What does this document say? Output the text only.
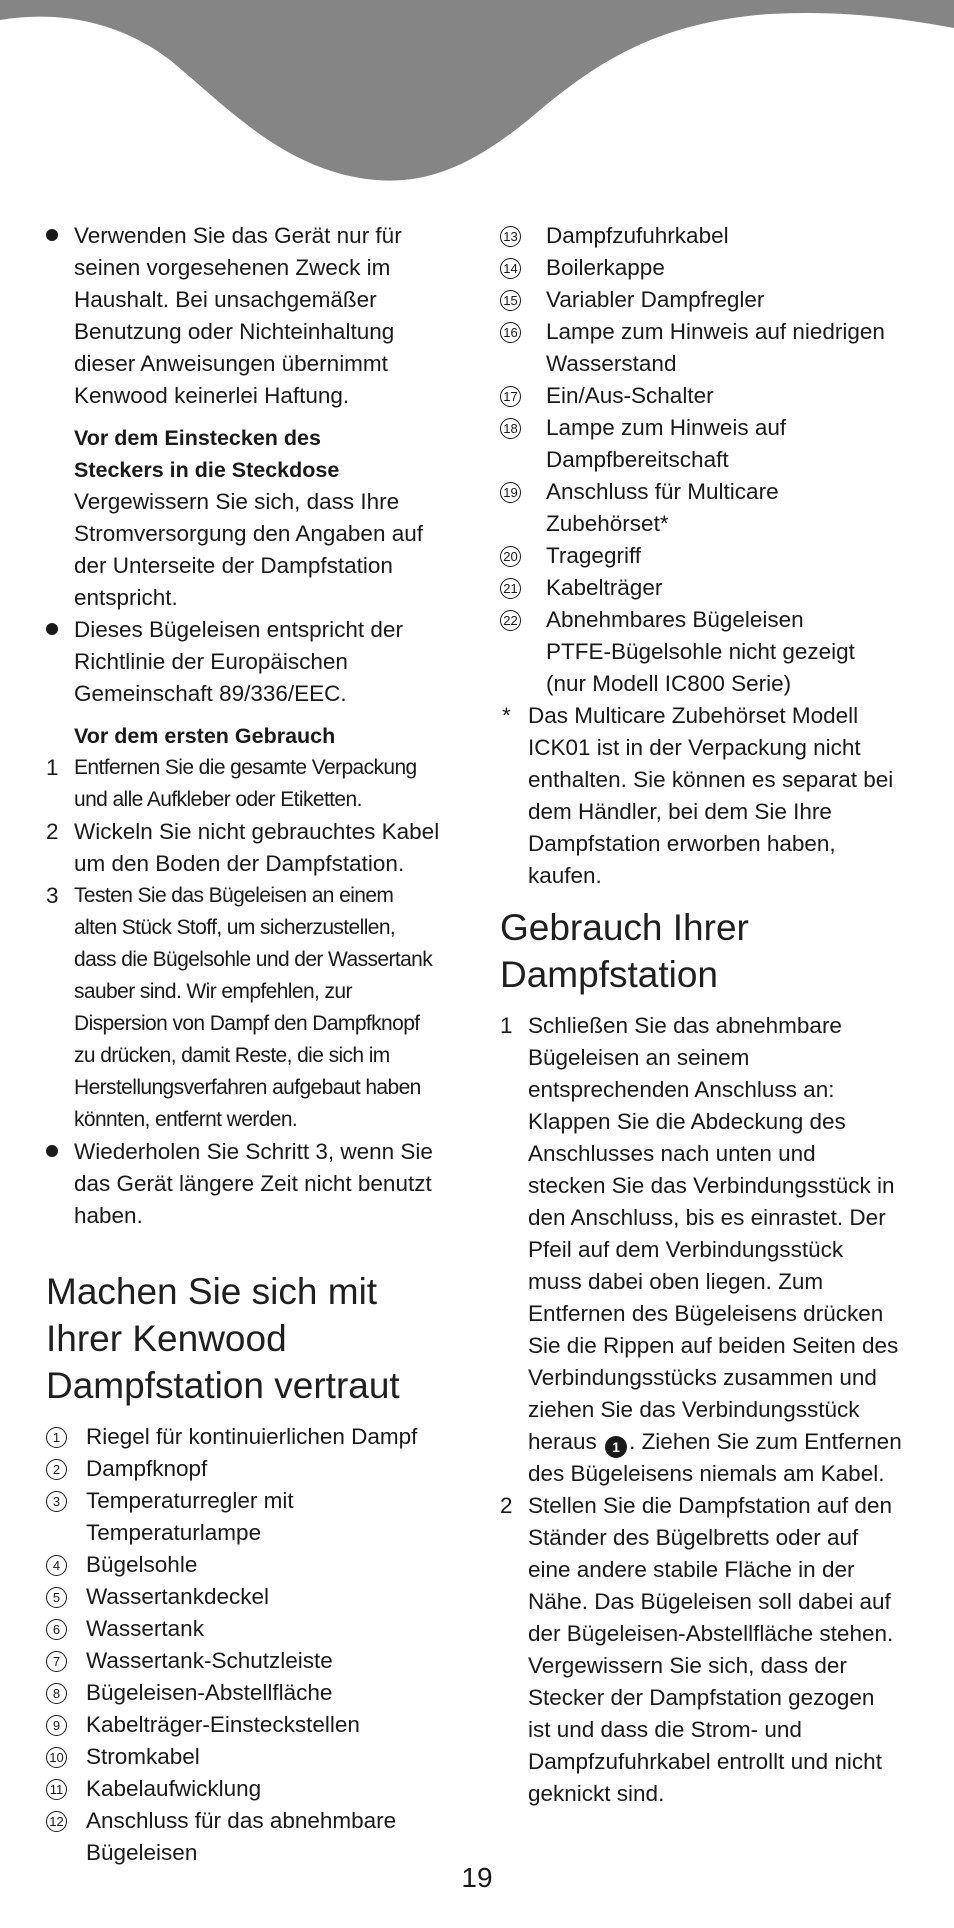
Verwenden Sie das Gerät nur für

seinen vorgesehenen Zweck im

Haushalt. Bei unsachgemäßer

Benutzung oder Nichteinhaltung

dieser Anweisungen übernimmt

Kenwood keinerlei Haftung.

Vor dem Einstecken des

Steckers in die Steckdose

Vergewissern Sie sich, dass Ihre

Stromversorgung den Angaben auf

der Unterseite der Dampfstation

entspricht.

Dieses Bügeleisen entspricht der

Richtlinie der Europäischen

Gemeinschaft 89/336/EEC.

Vor dem ersten Gebrauch

1 Entfernen Sie die gesamte Verpackung

und alle Aufkleber oder Etiketten.

2 Wickeln Sie nicht gebrauchtes Kabel

um den Boden der Dampfstation.

3 Testen Sie das Bügeleisen an einem

alten Stück Stoff, um sicherzustellen,

dass die Bügelsohle und der Wassertank

sauber sind. Wir empfehlen, zur

Dispersion von Dampf den Dampfknopf

zu drücken, damit Reste, die sich im

Herstellungsverfahren aufgebaut haben

könnten, entfernt werden.

Wiederholen Sie Schritt 3, wenn Sie

das Gerät längere Zeit nicht benutzt

haben.

Machen Sie sich mit

Ihrer Kenwood

Dampfstation vertraut

1	Riegel für kontinuierlichen Dampf

2	Dampfknopf

3	Temperaturregler mit

Temperaturlampe

4	Bügelsohle

5	Wassertankdeckel

6	Wassertank

7	Wassertank-Schutzleiste

8	Bügeleisen-Abstellfläche

9	Kabelträger-Einsteckstellen

10 Stromkabel

11 Kabelaufwicklung

12 Anschluss für das abnehmbare

Bügeleisen

13 Dampfzufuhrkabel

14 Boilerkappe

15 Variabler Dampfregler

16 Lampe zum Hinweis auf niedrigen

Wasserstand

17 Ein/Aus-Schalter

18 Lampe zum Hinweis auf

Dampfbereitschaft

19 Anschluss für Multicare

Zubehörset*

20 Tragegriff

21 Kabelträger

22 Abnehmbares Bügeleisen

PTFE-Bügelsohle nicht gezeigt

(nur Modell IC800 Serie)

* Das Multicare Zubehörset Modell

ICK01 ist in der Verpackung nicht

enthalten. Sie können es separat bei

dem Händler, bei dem Sie Ihre

Dampfstation erworben haben,

kaufen.

Gebrauch Ihrer

Dampfstation

1 Schließen Sie das abnehmbare

Bügeleisen an seinem

entsprechenden Anschluss an:

Klappen Sie die Abdeckung des

Anschlusses nach unten und

stecken Sie das Verbindungsstück in

den Anschluss, bis es einrastet. Der

Pfeil auf dem Verbindungsstück

muss dabei oben liegen. Zum

Entfernen des Bügeleisens drücken

Sie die Rippen auf beiden Seiten des

Verbindungsstücks zusammen und

ziehen Sie das Verbindungsstück

heraus 1 . Ziehen Sie zum Entfernen

des Bügeleisens niemals am Kabel.

2 Stellen Sie die Dampfstation auf den

Ständer des Bügelbretts oder auf

eine andere stabile Fläche in der

Nähe. Das Bügeleisen soll dabei auf

der Bügeleisen-Abstellfläche stehen.

Vergewissern Sie sich, dass der

Stecker der Dampfstation gezogen

ist und dass die Strom- und

Dampfzufuhrkabel entrollt und nicht

geknickt sind.

19
